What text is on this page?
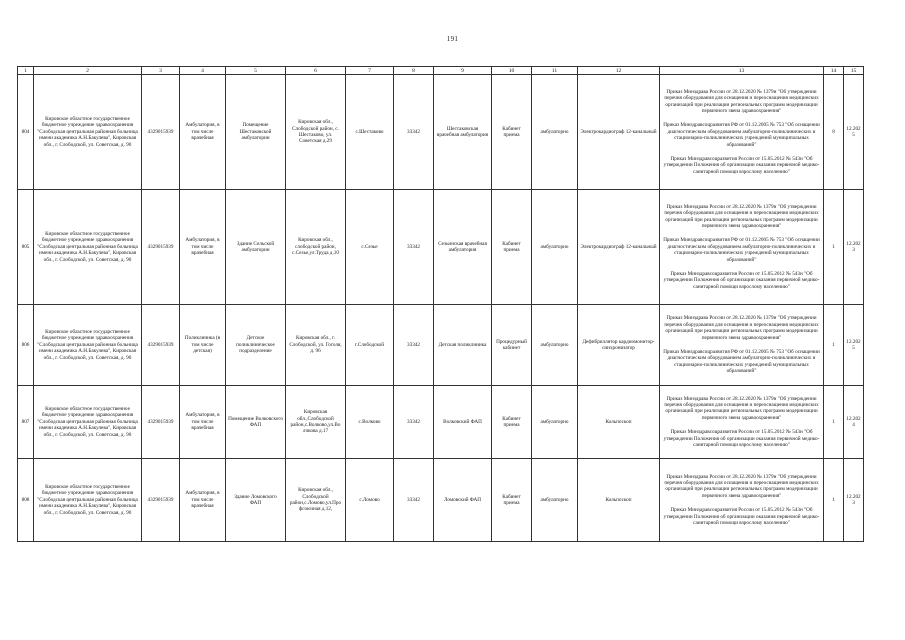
191
1	2	3	4	5	6	7	8	9	10	11	12	13	14	15
804	Кировское областное государственное бюджетное учреждение здравоохранения "Слободская центральная районная больница имени академика А.Н.Бакулева", Кировская обл., г. Слободской, ул. Советская, д. 90	4329015939	Амбулатория, в том числе врачебная	Помещение Шестаковской амбулатории	Кировская обл., Слободской район, с. Шестаково, ул. Советская д.29	с.Шестаково	33342	Шестаковская врачебная амбулатория	Кабинет приема	амбулаторно	Электрокардиограф 12-канальный	Приказ Минздрава России от 28.12.2020 № 1379н "Об утверждении перечня оборудования для оснащения и переоснащения медицинских организаций при реализации региональных программ модернизации первичного звена здравоохранения"

Приказ Минздравсоцразвития РФ от 01.12.2005 № 753 "Об оснащении диагностическим оборудованием амбулаторно-поликлинических и стационарно-поликлинических учреждений муниципальных образований"

Приказ Минздравсоцразвития России от 15.05.2012 № 543н "Об утверждении Положения об организации оказания первичной медико-санитарной помощи взрослому населению"	8	12.2025
805	Кировское областное государственное бюджетное учреждение здравоохранения "Слободская центральная районная больница имени академика А.Н.Бакулева", Кировская обл., г. Слободской, ул. Советская, д. 90	4329015939	Амбулатория, в том числе врачебная	Здание Сельской амбулатории	Кировская обл., слободской район, с.Сезье,ул.Труда д.10	с.Сезье	33342	Сезьинская врачебная амбулатория	Кабинет приема	амбулаторно	Электрокардиограф 12-канальный	Приказ Минздрава России от 28.12.2020 № 1379н "Об утверждении перечня оборудования для оснащения и переоснащения медицинских организаций при реализации региональных программ модернизации первичного звена здравоохранения"

Приказ Минздравсоцразвития РФ от 01.12.2005 № 753 "Об оснащении диагностическим оборудованием амбулаторно-поликлинических и стационарно-поликлинических учреждений муниципальных образований"

Приказ Минздравсоцразвития России от 15.05.2012 № 543н "Об утверждении Положения об организации оказания первичной медико-санитарной помощи взрослому населению"	1	12.2023
806	Кировское областное государственное бюджетное учреждение здравоохранения "Слободская центральная районная больница имени академика А.Н.Бакулева", Кировская обл., г. Слободской, ул. Советская, д. 90	4329015939	Поликлиника (в том числе детская)	Детское поликлиническое подразделение	Кировская обл., г. Слободской, ул. Гоголя, д. 96	г.Слободской	33342	Детская поликлиника	Процедурный кабинет	амбулаторно	Дефибриллятор кардиомонитор-синхронизатор	Приказ Минздрава России от 28.12.2020 № 1379н "Об утверждении перечня оборудования для оснащения и переоснащения медицинских организаций при реализации региональных программ модернизации первичного звена здравоохранения"

Приказ Минздравсоцразвития РФ от 01.12.2005 № 753 "Об оснащении диагностическим оборудованием амбулаторно-поликлинических и стационарно-поликлинических учреждений муниципальных образований"	1	12.2025
807	Кировское областное государственное бюджетное учреждение здравоохранения "Слободская центральная районная больница имени академика А.Н.Бакулева", Кировская обл., г. Слободской, ул. Советская, д. 90	4329015939	Амбулатория, в том числе врачебная	Помещение Волковского ФАП	Кировская обл.,Слободской район,с.Волково,ул.Во лчкова д.17	с.Волково	33342	Волковский ФАП	Кабинет приема	амбулаторно	Кольпоскоп	Приказ Минздрава России от 28.12.2020 № 1379н "Об утверждении перечня оборудования для оснащения и переоснащения медицинских организаций при реализации региональных программ модернизации первичного звена здравоохранения"

Приказ Минздравсоцразвития России от 15.05.2012 № 543н "Об утверждении Положения об организации оказания первичной медико-санитарной помощи взрослому населению"	1	12.2024
808	Кировское областное государственное бюджетное учреждение здравоохранения "Слободская центральная районная больница имени академика А.Н.Бакулева", Кировская обл., г. Слободской, ул. Советская, д. 90	4329015939	Амбулатория, в том числе врачебная	Здание Ломовского ФАП	Кировская обл., Слободской район,с.Ломово,ул.Про фсоюзная д.12,	с.Ломово	33342	Ломовский ФАП	Кабинет приема	амбулаторно	Кольпоскоп	Приказ Минздрава России от 28.12.2020 № 1379н "Об утверждении перечня оборудования для оснащения и переоснащения медицинских организаций при реализации региональных программ модернизации первичного звена здравоохранения"

Приказ Минздравсоцразвития России от 15.05.2012 № 543н "Об утверждении Положения об организации оказания первичной медико-санитарной помощи взрослому населению"	1	12.2023
